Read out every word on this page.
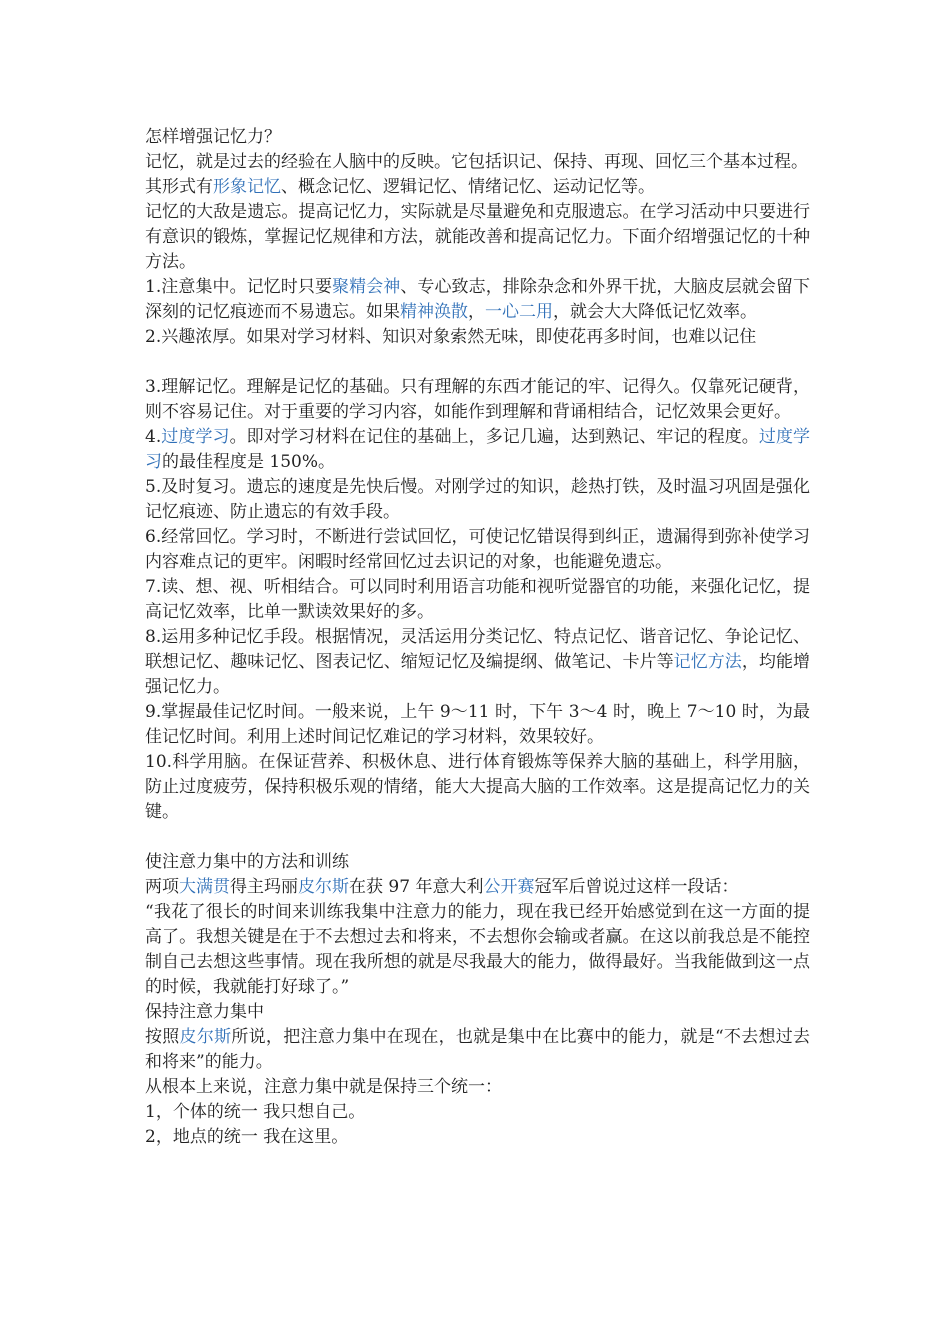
怎样增强记忆力？

记忆，就是过去的经验在人脑中的反映。它包括识记、保持、再现、回忆三个基本过程。

其形式有形象记忆、概念记忆、逻辑记忆、情绪记忆、运动记忆等。

记忆的大敌是遗忘。提高记忆力，实际就是尽量避免和克服遗忘。在学习活动中只要进行有意识的锻炼，掌握记忆规律和方法，就能改善和提高记忆力。下面介绍增强记忆的十种方法。

1.注意集中。记忆时只要聚精会神、专心致志，排除杂念和外界干扰，大脑皮层就会留下深刻的记忆痕迹而不易遗忘。如果精神涣散，一心二用，就会大大降低记忆效率。

2.兴趣浓厚。如果对学习材料、知识对象索然无味，即使花再多时间，也难以记住

3.理解记忆。理解是记忆的基础。只有理解的东西才能记的牢、记得久。仅靠死记硬背，则不容易记住。对于重要的学习内容，如能作到理解和背诵相结合，记忆效果会更好。

4.过度学习。即对学习材料在记住的基础上，多记几遍，达到熟记、牢记的程度。过度学习的最佳程度是 150%。

5.及时复习。遗忘的速度是先快后慢。对刚学过的知识，趁热打铁，及时温习巩固是强化记忆痕迹、防止遗忘的有效手段。

6.经常回忆。学习时，不断进行尝试回忆，可使记忆错误得到纠正，遗漏得到弥补使学习内容难点记的更牢。闲暇时经常回忆过去识记的对象，也能避免遗忘。

7.读、想、视、听相结合。可以同时利用语言功能和视听觉器官的功能，来强化记忆，提高记忆效率，比单一默读效果好的多。

8.运用多种记忆手段。根据情况，灵活运用分类记忆、特点记忆、谐音记忆、争论记忆、联想记忆、趣味记忆、图表记忆、缩短记忆及编提纲、做笔记、卡片等记忆方法，均能增强记忆力。

9.掌握最佳记忆时间。一般来说，上午 9～11 时，下午 3～4 时，晚上 7～10 时，为最佳记忆时间。利用上述时间记忆难记的学习材料，效果较好。

10.科学用脑。在保证营养、积极休息、进行体育锻炼等保养大脑的基础上，科学用脑，防止过度疲劳，保持积极乐观的情绪，能大大提高大脑的工作效率。这是提高记忆力的关键。

使注意力集中的方法和训练

两项大满贯得主玛丽皮尔斯在获 97 年意大利公开赛冠军后曾说过这样一段话：

“我花了很长的时间来训练我集中注意力的能力，现在我已经开始感觉到在这一方面的提高了。我想关键是在于不去想过去和将来，不去想你会输或者赢。在这以前我总是不能控制自己去想这些事情。现在我所想的就是尽我最大的能力，做得最好。当我能做到这一点的时候，我就能打好球了。”

保持注意力集中

按照皮尔斯所说，把注意力集中在现在，也就是集中在比赛中的能力，就是“不去想过去和将来”的能力。

从根本上来说，注意力集中就是保持三个统一：

1，个体的统一 我只想自己。

2，地点的统一 我在这里。
